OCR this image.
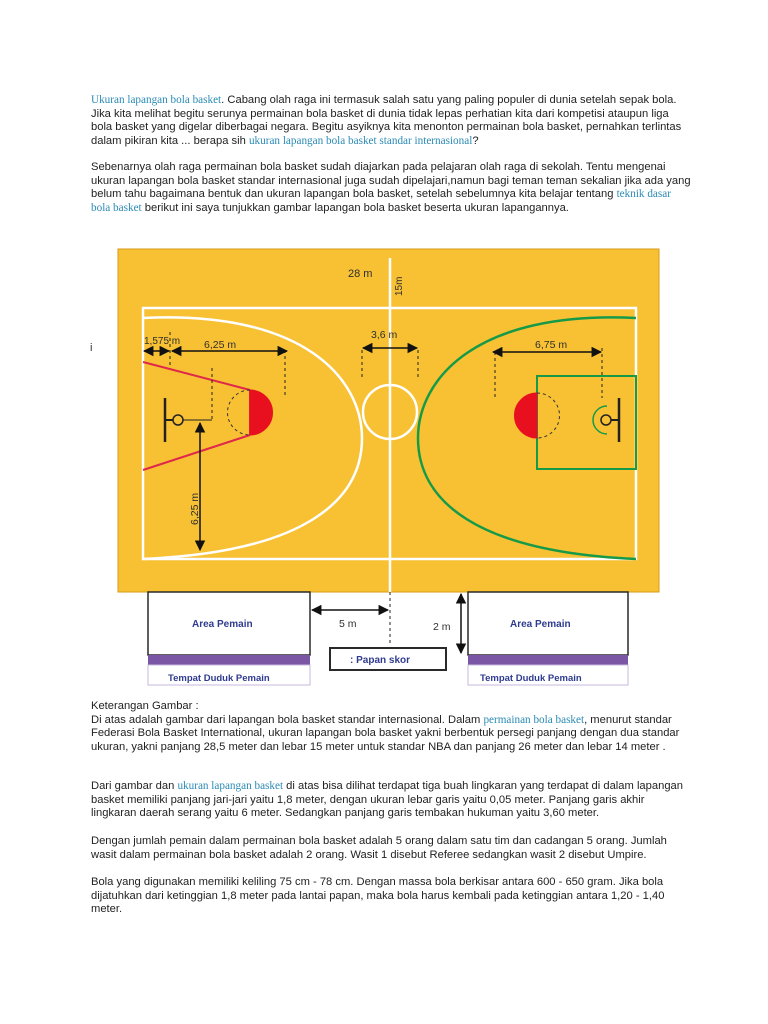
Ukuran lapangan bola basket. Cabang olah raga ini termasuk salah satu yang paling populer di dunia setelah sepak bola. Jika kita melihat begitu serunya permainan bola basket di dunia tidak lepas perhatian kita dari kompetisi ataupun liga bola basket yang digelar diberbagai negara. Begitu asyiknya kita menonton permainan bola basket, pernahkan terlintas dalam pikiran kita ... berapa sih ukuran lapangan bola basket standar internasional?

Sebenarnya olah raga permainan bola basket sudah diajarkan pada pelajaran olah raga di sekolah. Tentu mengenai ukuran lapangan bola basket standar internasional juga sudah dipelajari,namun bagi teman teman sekalian jika ada yang belum tahu bagaimana bentuk dan ukuran lapangan bola basket, setelah sebelumnya kita belajar tentang teknik dasar bola basket berikut ini saya tunjukkan gambar lapangan bola basket beserta ukuran lapangannya.

i
28 m
15m
3,6 m
1,575 m 6,25 m
6,25 m
6,75 m
Area Pemain
Tempat Duduk Pemain
Area Pemain
Tempat Duduk Pemain
5 m	2 m
: Papan skor

Keterangan Gambar :
Di atas adalah gambar dari lapangan bola basket standar internasional. Dalam permainan bola basket, menurut standar Federasi Bola Basket International, ukuran lapangan bola basket yakni berbentuk persegi panjang dengan dua standar ukuran, yakni panjang 28,5 meter dan lebar 15 meter untuk standar NBA dan panjang 26 meter dan lebar 14 meter .

Dari gambar dan ukuran lapangan basket di atas bisa dilihat terdapat tiga buah lingkaran yang terdapat di dalam lapangan basket memiliki panjang jari-jari yaitu 1,8 meter, dengan ukuran lebar garis yaitu 0,05 meter. Panjang garis akhir lingkaran daerah serang yaitu 6 meter. Sedangkan panjang garis tembakan hukuman yaitu 3,60 meter.

Dengan jumlah pemain dalam permainan bola basket adalah 5 orang dalam satu tim dan cadangan 5 orang. Jumlah wasit dalam permainan bola basket adalah 2 orang. Wasit 1 disebut Referee sedangkan wasit 2 disebut Umpire.

Bola yang digunakan memiliki keliling 75 cm - 78 cm. Dengan massa bola berkisar antara 600 - 650 gram. Jika bola dijatuhkan dari ketinggian 1,8 meter pada lantai papan, maka bola harus kembali pada ketinggian antara 1,20 - 1,40 meter.
